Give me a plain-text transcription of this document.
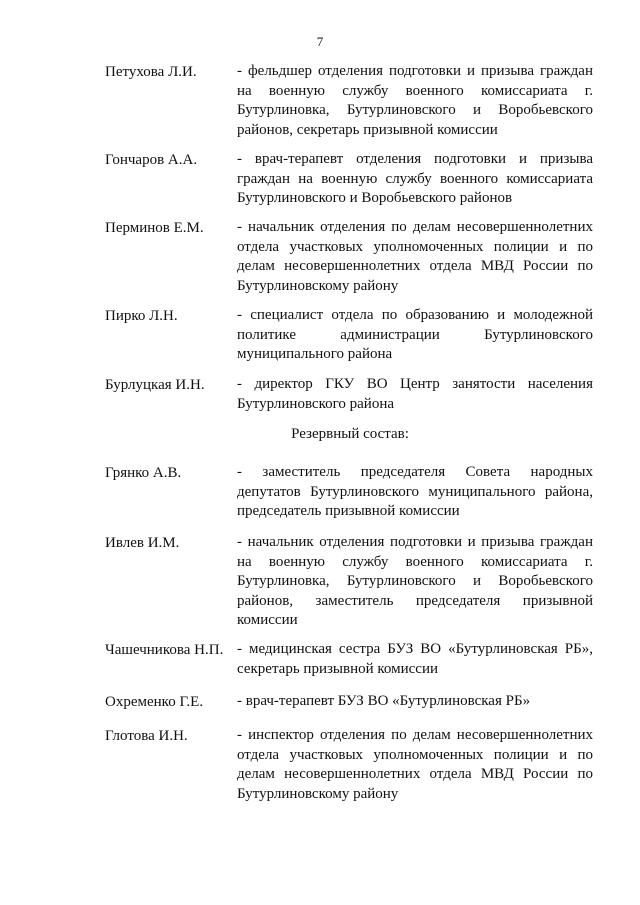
7
Петухова Л.И.	- фельдшер отделения подготовки и призыва граждан на военную службу военного комиссариата г. Бутурлиновка, Бутурлиновского и Воробьевского районов, секретарь призывной комиссии
Гончаров А.А.	- врач-терапевт отделения подготовки и призыва граждан на военную службу военного комиссариата Бутурлиновского и Воробьевского районов
Перминов Е.М. - начальник отделения по делам несовершеннолетних отдела участковых уполномоченных полиции и по делам несовершеннолетних отдела МВД России по Бутурлиновскому району
Пирко Л.Н.	- специалист отдела по образованию и молодежной политике администрации Бутурлиновского муниципального района
Бурлуцкая И.Н. - директор ГКУ ВО Центр занятости населения Бутурлиновского района
Резервный состав:
Грянко А.В.	- заместитель председателя Совета народных депутатов Бутурлиновского муниципального района, председатель призывной комиссии
Ивлев И.М.	- начальник отделения подготовки и призыва граждан на военную службу военного комиссариата г. Бутурлиновка, Бутурлиновского и Воробьевского районов, заместитель председателя призывной комиссии
Чашечникова Н.П. - медицинская сестра БУЗ ВО «Бутурлиновская РБ», секретарь призывной комиссии
Охременко Г.Е. - врач-терапевт БУЗ ВО «Бутурлиновская РБ»
Глотова И.Н.	- инспектор отделения по делам несовершеннолетних отдела участковых уполномоченных полиции и по делам несовершеннолетних отдела МВД России по Бутурлиновскому району
